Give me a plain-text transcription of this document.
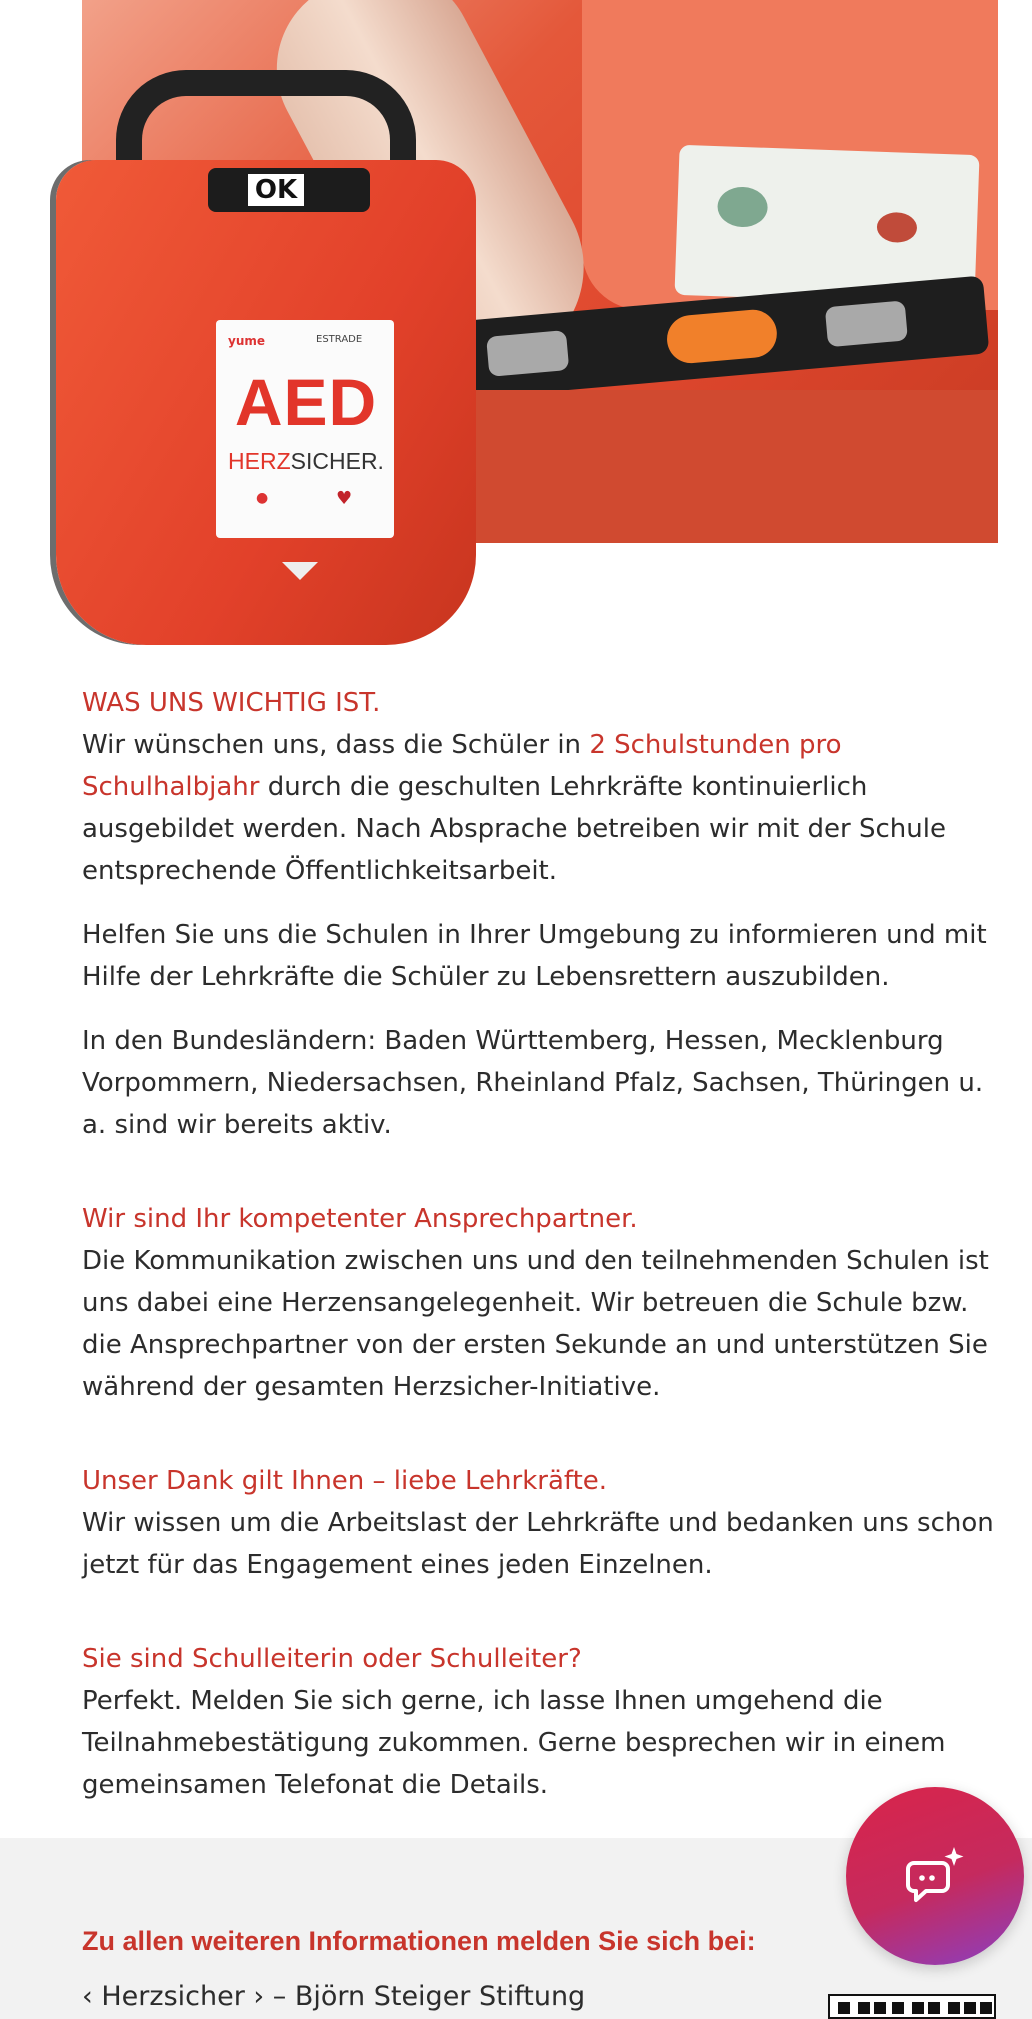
OK
yume	ESTRADE
AED
HERZSICHER.
●	♥
WAS UNS WICHTIG IST.

Wir wünschen uns, dass die Schüler in 2 Schulstunden pro Schulhalbjahr durch die geschulten Lehrkräfte kontinuierlich ausgebildet werden. Nach Absprache betreiben wir mit der Schule entsprechende Öffentlichkeitsarbeit.

Helfen Sie uns die Schulen in Ihrer Umgebung zu informieren und mit Hilfe der Lehrkräfte die Schüler zu Lebensrettern auszubilden.

In den Bundesländern: Baden Württemberg, Hessen, Mecklenburg Vorpommern, Niedersachsen, Rheinland Pfalz, Sachsen, Thüringen u. a. sind wir bereits aktiv.

Wir sind Ihr kompetenter Ansprechpartner.

Die Kommunikation zwischen uns und den teilnehmenden Schulen ist uns dabei eine Herzensangelegenheit. Wir betreuen die Schule bzw. die Ansprechpartner von der ersten Sekunde an und unterstützen Sie während der gesamten Herzsicher-Initiative.

Unser Dank gilt Ihnen – liebe Lehrkräfte.

Wir wissen um die Arbeitslast der Lehrkräfte und bedanken uns schon jetzt für das Engagement eines jeden Einzelnen.

Sie sind Schulleiterin oder Schulleiter?

Perfekt. Melden Sie sich gerne, ich lasse Ihnen umgehend die Teilnahmebestätigung zukommen. Gerne besprechen wir in einem gemeinsamen Telefonat die Details.

Zu allen weiteren Informationen melden Sie sich bei:
‹ Herzsicher › – Björn Steiger Stiftung
